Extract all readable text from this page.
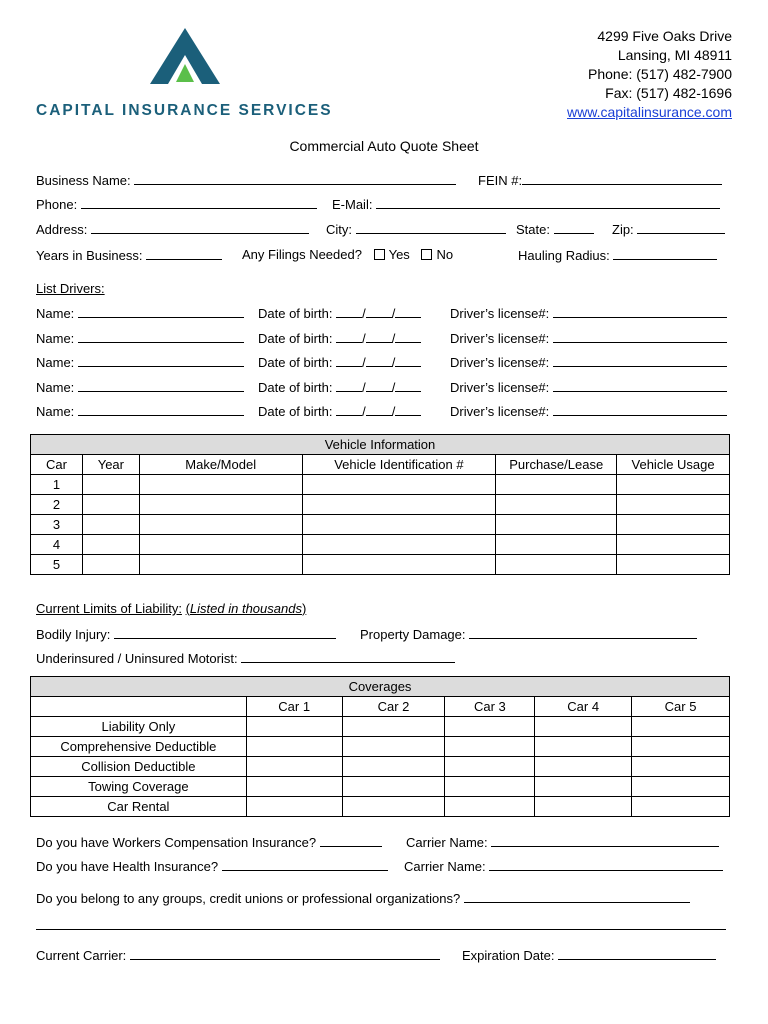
CAPITAL INSURANCE SERVICES
4299 Five Oaks Drive
Lansing, MI 48911
Phone: (517) 482-7900
Fax: (517) 482-1696
www.capitalinsurance.com
Commercial Auto Quote Sheet
Business Name:	FEIN #:
Phone:	E-Mail:
Address:	City:	State:	Zip:
Years in Business:	Any Filings Needed? Yes No	Hauling Radius:
List Drivers:
Name:	Date of birth: / /	Driver’s license#:
Name:	Date of birth: / /	Driver’s license#:
Name:	Date of birth: / /	Driver’s license#:
Name:	Date of birth: / /	Driver’s license#:
Name:	Date of birth: / /	Driver’s license#:
Vehicle Information					
Car	Year	Make/Model	Vehicle Identification #	Purchase/Lease	Vehicle Usage
1					
2					
3					
4					
5					
Current Limits of Liability: (Listed in thousands)
Bodily Injury:	Property Damage:
Underinsured / Uninsured Motorist:
Coverages					
	Car 1	Car 2	Car 3	Car 4	Car 5
Liability Only					
Comprehensive Deductible					
Collision Deductible					
Towing Coverage					
Car Rental					
Do you have Workers Compensation Insurance?	Carrier Name:
Do you have Health Insurance?	Carrier Name:
Do you belong to any groups, credit unions or professional organizations?
Current Carrier:	Expiration Date:
